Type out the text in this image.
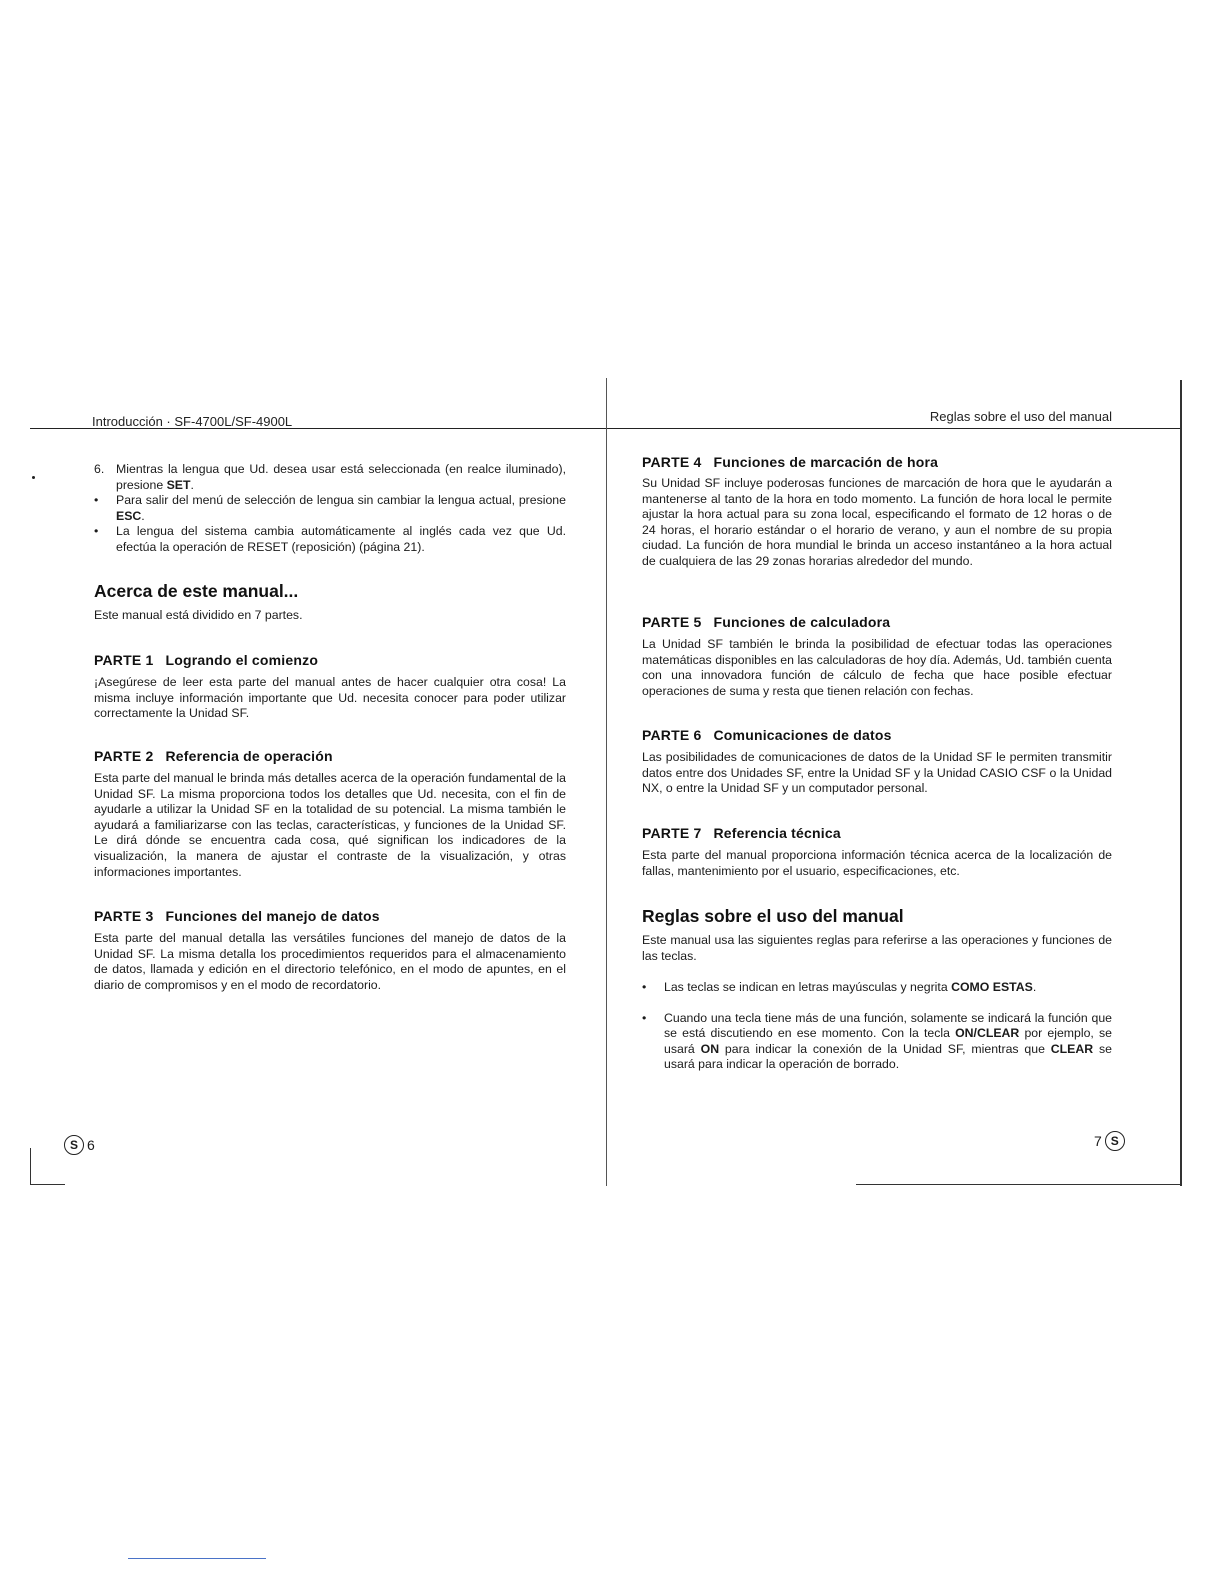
Introducción · SF-4700L/SF-4900L	Reglas sobre el uso del manual
6. Mientras la lengua que Ud. desea usar está seleccionada (en realce iluminado), presione SET.
• Para salir del menú de selección de lengua sin cambiar la lengua actual, presione ESC.
• La lengua del sistema cambia automáticamente al inglés cada vez que Ud. efectúa la operación de RESET (reposición) (página 21).
Acerca de este manual...
Este manual está dividido en 7 partes.
PARTE 1 Logrando el comienzo
¡Asegúrese de leer esta parte del manual antes de hacer cualquier otra cosa! La misma incluye información importante que Ud. necesita conocer para poder utilizar correctamente la Unidad SF.
PARTE 2 Referencia de operación
Esta parte del manual le brinda más detalles acerca de la operación fundamental de la Unidad SF. La misma proporciona todos los detalles que Ud. necesita, con el fin de ayudarle a utilizar la Unidad SF en la totalidad de su potencial. La misma también le ayudará a familiarizarse con las teclas, características, y funciones de la Unidad SF. Le dirá dónde se encuentra cada cosa, qué significan los indicadores de la visualización, la manera de ajustar el contraste de la visualización, y otras informaciones importantes.
PARTE 3 Funciones del manejo de datos
Esta parte del manual detalla las versátiles funciones del manejo de datos de la Unidad SF. La misma detalla los procedimientos requeridos para el almacenamiento de datos, llamada y edición en el directorio telefónico, en el modo de apuntes, en el diario de compromisos y en el modo de recordatorio.
S 6
PARTE 4 Funciones de marcación de hora
Su Unidad SF incluye poderosas funciones de marcación de hora que le ayudarán a mantenerse al tanto de la hora en todo momento. La función de hora local le permite ajustar la hora actual para su zona local, especificando el formato de 12 horas o de 24 horas, el horario estándar o el horario de verano, y aun el nombre de su propia ciudad. La función de hora mundial le brinda un acceso instantáneo a la hora actual de cualquiera de las 29 zonas horarias alrededor del mundo.
PARTE 5 Funciones de calculadora
La Unidad SF también le brinda la posibilidad de efectuar todas las operaciones matemáticas disponibles en las calculadoras de hoy día. Además, Ud. también cuenta con una innovadora función de cálculo de fecha que hace posible efectuar operaciones de suma y resta que tienen relación con fechas.
PARTE 6 Comunicaciones de datos
Las posibilidades de comunicaciones de datos de la Unidad SF le permiten transmitir datos entre dos Unidades SF, entre la Unidad SF y la Unidad CASIO CSF o la Unidad NX, o entre la Unidad SF y un computador personal.
PARTE 7 Referencia técnica
Esta parte del manual proporciona información técnica acerca de la localización de fallas, mantenimiento por el usuario, especificaciones, etc.
Reglas sobre el uso del manual
Este manual usa las siguientes reglas para referirse a las operaciones y funciones de las teclas.
• Las teclas se indican en letras mayúsculas y negrita COMO ESTAS.
• Cuando una tecla tiene más de una función, solamente se indicará la función que se está discutiendo en ese momento. Con la tecla ON/CLEAR por ejemplo, se usará ON para indicar la conexión de la Unidad SF, mientras que CLEAR se usará para indicar la operación de borrado.
7 S
